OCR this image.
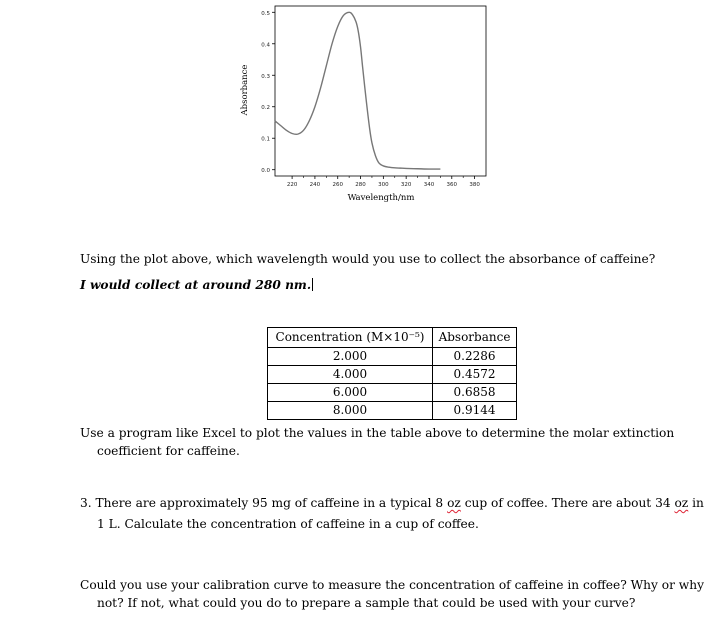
0.0
0.1
0.2
0.3
0.4
0.5
220 240 260 280 300 320 340 360 380
Absorbance
Wavelength/nm
Using the plot above, which wavelength would you use to collect the absorbance of caffeine?
I would collect at around 280 nm.
Concentration (M×10⁻⁵)	Absorbance
2.000	0.2286
4.000	0.4572
6.000	0.6858
8.000	0.9144
Use a program like Excel to plot the values in the table above to determine the molar extinction
coefficient for caffeine.
3. There are approximately 95 mg of caffeine in a typical 8 oz cup of coffee. There are about 34 oz in
1 L. Calculate the concentration of caffeine in a cup of coffee.
Could you use your calibration curve to measure the concentration of caffeine in coffee? Why or why
not? If not, what could you do to prepare a sample that could be used with your curve?
